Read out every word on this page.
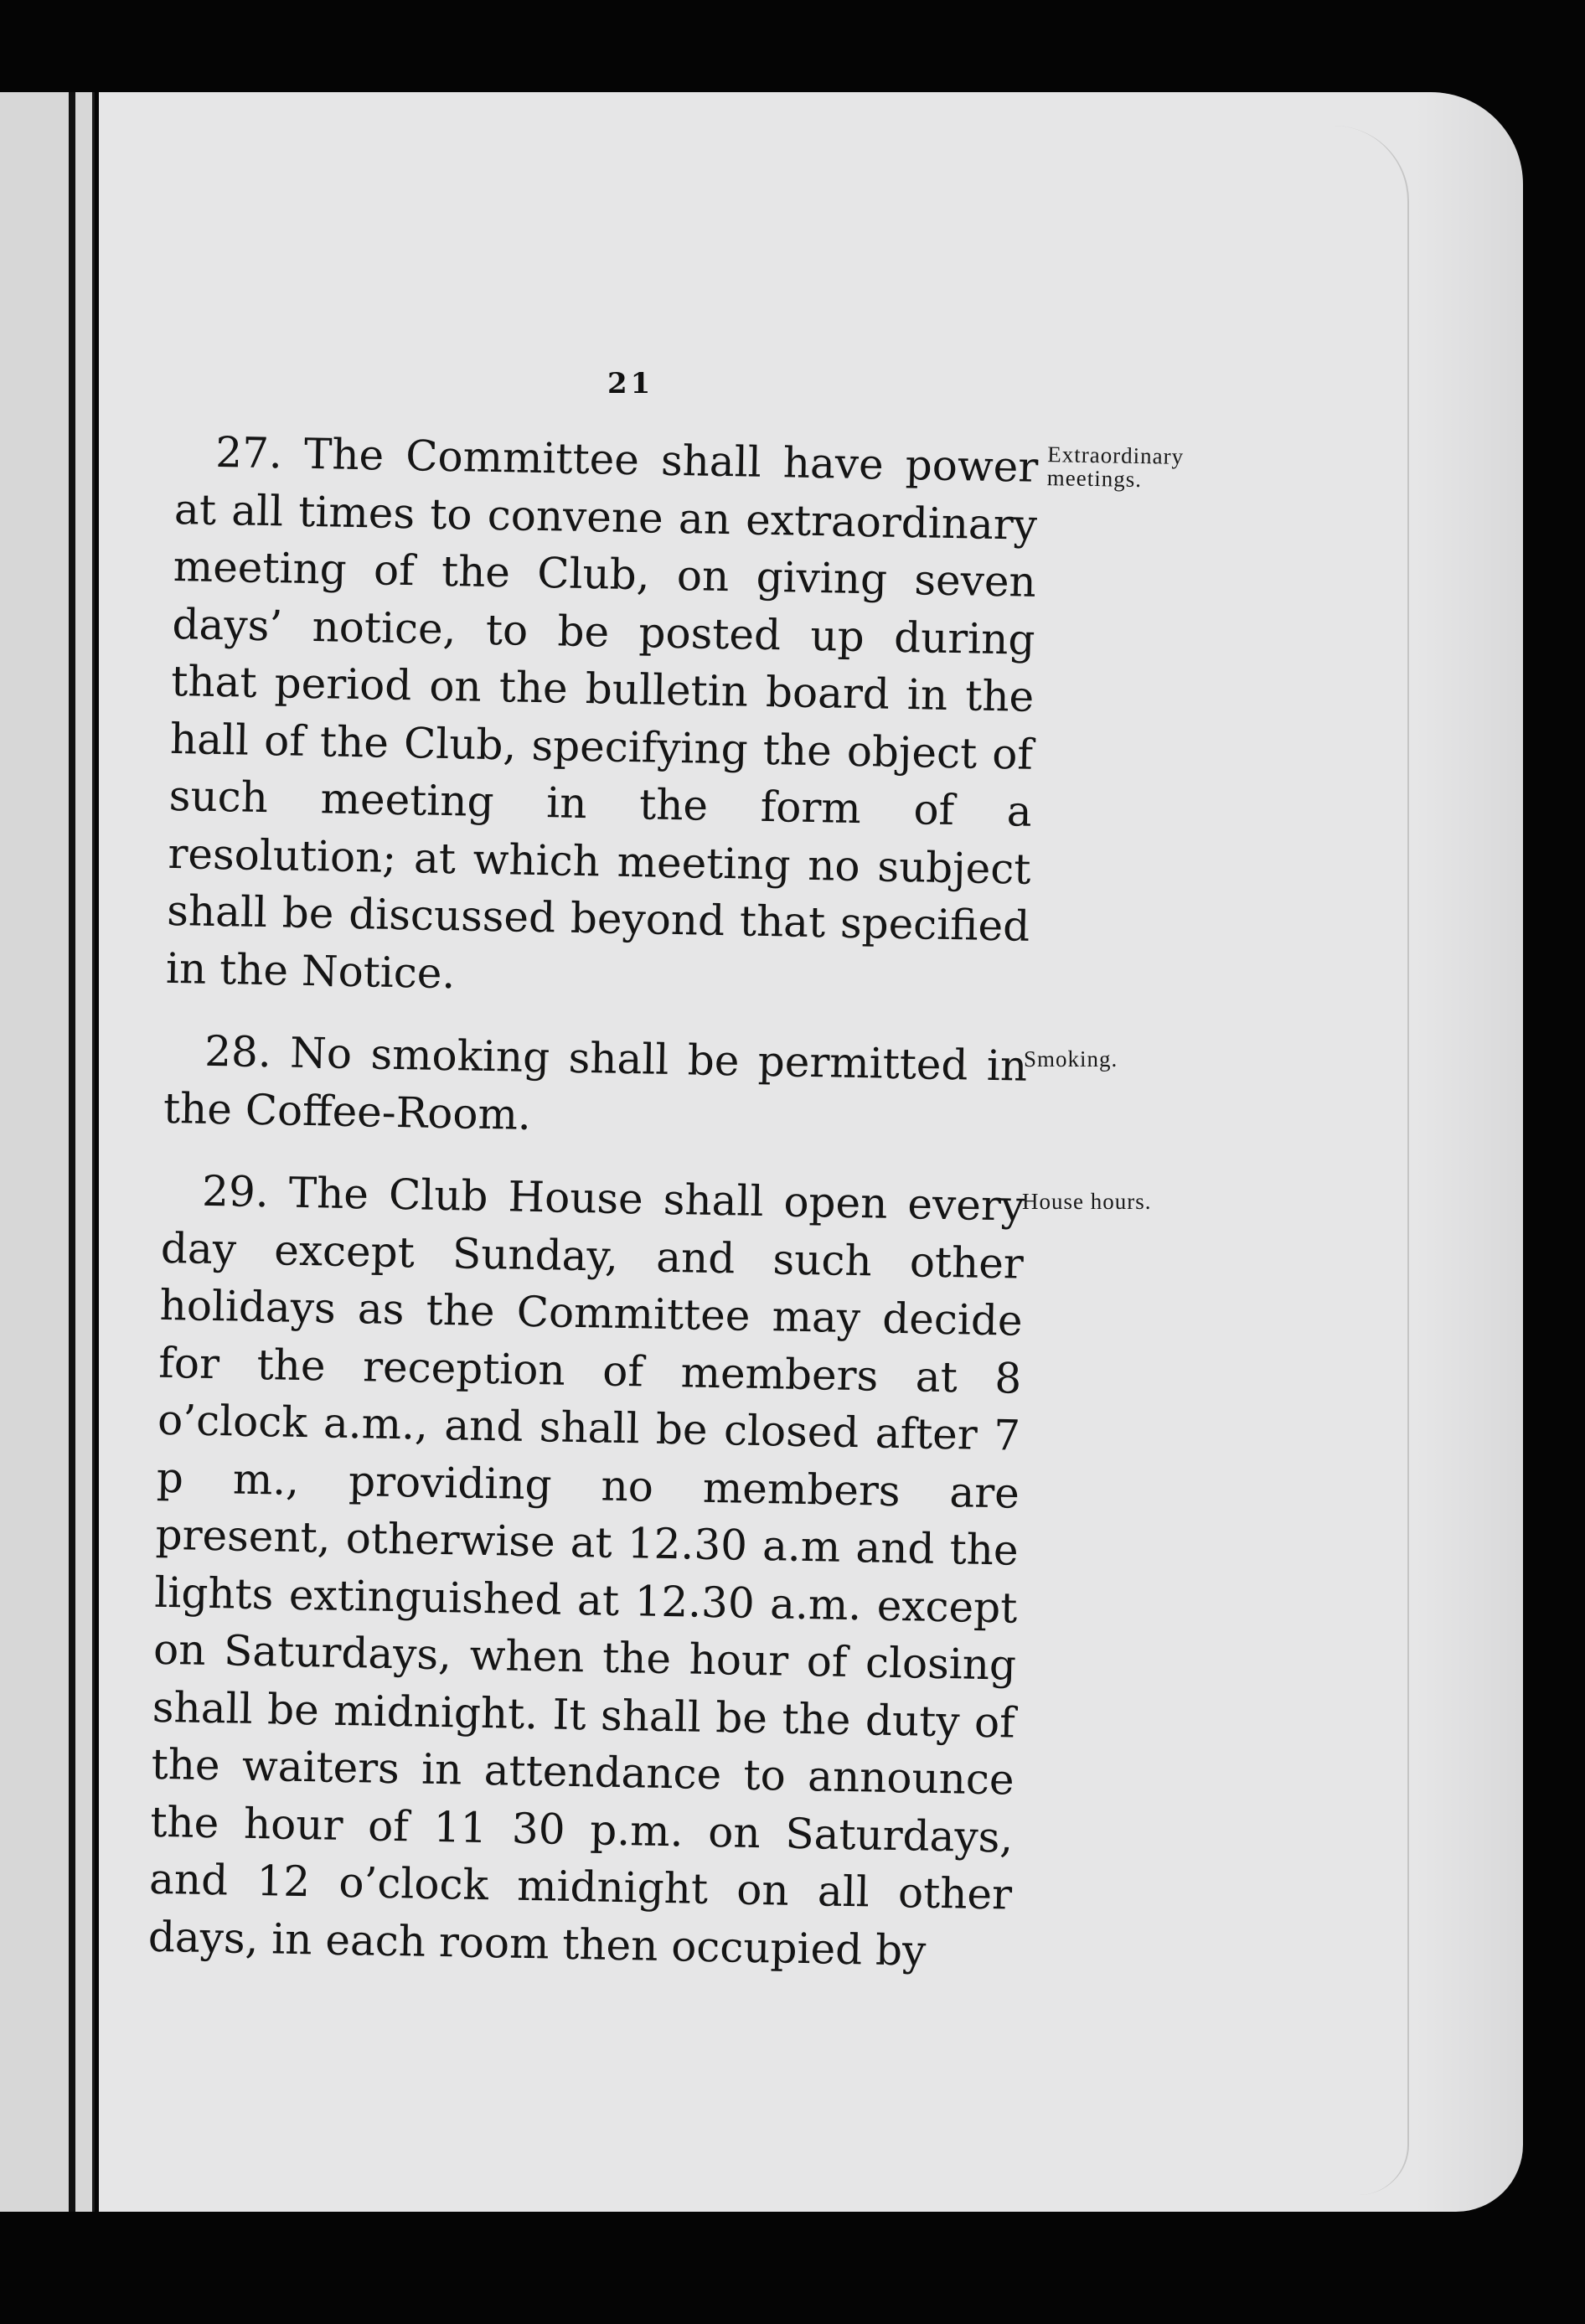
21

27. The Committee shall have power at all times to convene an extraordinary meeting of the Club, on giving seven days’ notice, to be posted up during that period on the bulletin board in the hall of the Club, specifying the object of such meeting in the form of a resolution; at which meeting no subject shall be discussed beyond that specified in the Notice.

28. No smoking shall be permitted in the Coffee-Room.

29. The Club House shall open every day except Sunday, and such other holidays as the Committee may decide for the reception of members at 8 o’clock a.m., and shall be closed after 7 p m., providing no members are present, otherwise at 12.30 a.m and the lights extinguished at 12.30 a.m. except on Saturdays, when the hour of closing shall be midnight. It shall be the duty of the waiters in attendance to announce the hour of 11 30 p.m. on Saturdays, and 12 o’clock midnight on all other days, in each room then occupied by

Extraordinary meetings.
Smoking.
House hours.
